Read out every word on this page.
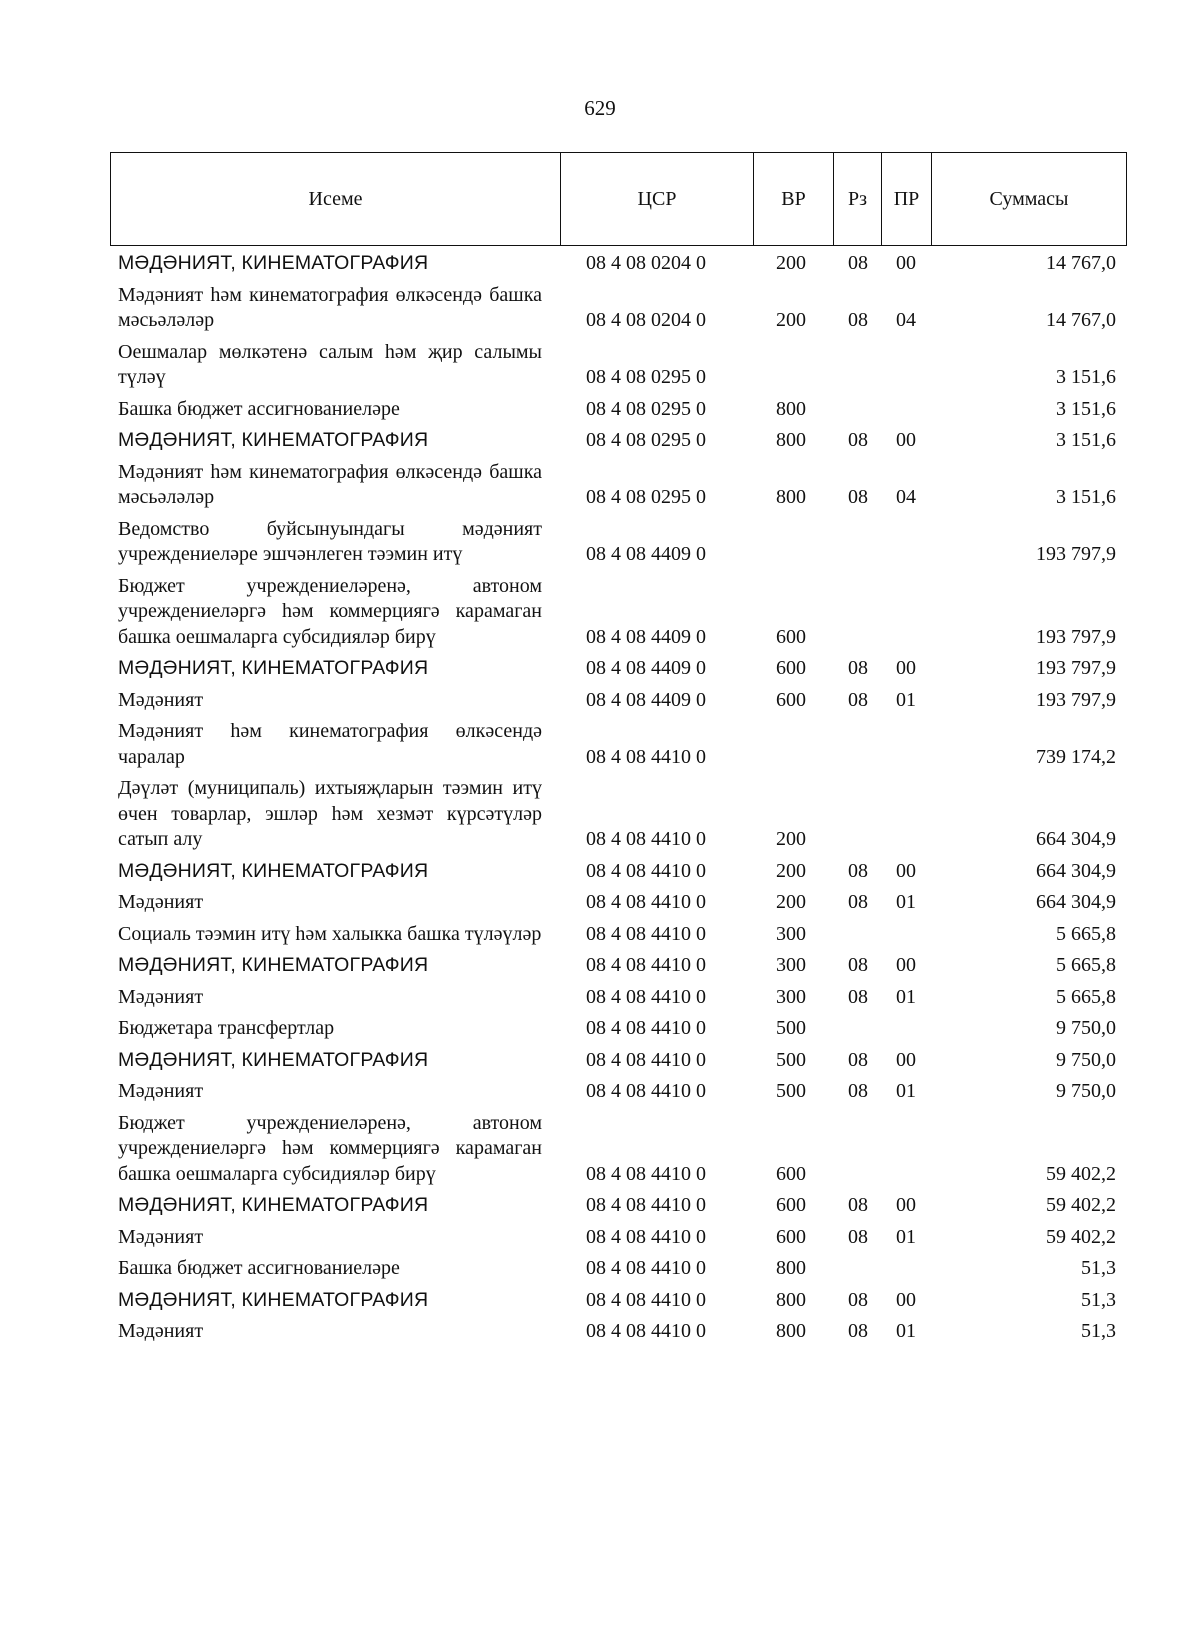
629
Исеме	ЦСР	ВР	Рз	ПР	Суммасы
МӘДӘНИЯТ, КИНЕМАТОГРАФИЯ	08 4 08 0204 0	200	08	00	14 767,0
Мәдәният һәм кинематография өлкәсендә башка мәсьәләләр	08 4 08 0204 0	200	08	04	14 767,0
Оешмалар мөлкәтенә салым һәм җир салымы түләү	08 4 08 0295 0				3 151,6
Башка бюджет ассигнованиеләре	08 4 08 0295 0	800			3 151,6
МӘДӘНИЯТ, КИНЕМАТОГРАФИЯ	08 4 08 0295 0	800	08	00	3 151,6
Мәдәният һәм кинематография өлкәсендә башка мәсьәләләр	08 4 08 0295 0	800	08	04	3 151,6
Ведомство буйсынуындагы мәдәният учреждениеләре эшчәнлеген тәэмин итү	08 4 08 4409 0				193 797,9
Бюджет учреждениеләренә, автоном учреждениеләргә һәм коммерциягә карамаган башка оешмаларга субсидияләр бирү	08 4 08 4409 0	600			193 797,9
МӘДӘНИЯТ, КИНЕМАТОГРАФИЯ	08 4 08 4409 0	600	08	00	193 797,9
Мәдәният	08 4 08 4409 0	600	08	01	193 797,9
Мәдәният һәм кинематография өлкәсендә чаралар	08 4 08 4410 0				739 174,2
Дәүләт (муниципаль) ихтыяҗларын тәэмин итү өчен товарлар, эшләр һәм хезмәт күрсәтүләр сатып алу	08 4 08 4410 0	200			664 304,9
МӘДӘНИЯТ, КИНЕМАТОГРАФИЯ	08 4 08 4410 0	200	08	00	664 304,9
Мәдәният	08 4 08 4410 0	200	08	01	664 304,9
Социаль тәэмин итү һәм халыкка башка түләүләр	08 4 08 4410 0	300			5 665,8
МӘДӘНИЯТ, КИНЕМАТОГРАФИЯ	08 4 08 4410 0	300	08	00	5 665,8
Мәдәният	08 4 08 4410 0	300	08	01	5 665,8
Бюджетара трансфертлар	08 4 08 4410 0	500			9 750,0
МӘДӘНИЯТ, КИНЕМАТОГРАФИЯ	08 4 08 4410 0	500	08	00	9 750,0
Мәдәният	08 4 08 4410 0	500	08	01	9 750,0
Бюджет учреждениеләренә, автоном учреждениеләргә һәм коммерциягә карамаган башка оешмаларга субсидияләр бирү	08 4 08 4410 0	600			59 402,2
МӘДӘНИЯТ, КИНЕМАТОГРАФИЯ	08 4 08 4410 0	600	08	00	59 402,2
Мәдәният	08 4 08 4410 0	600	08	01	59 402,2
Башка бюджет ассигнованиеләре	08 4 08 4410 0	800			51,3
МӘДӘНИЯТ, КИНЕМАТОГРАФИЯ	08 4 08 4410 0	800	08	00	51,3
Мәдәният	08 4 08 4410 0	800	08	01	51,3
